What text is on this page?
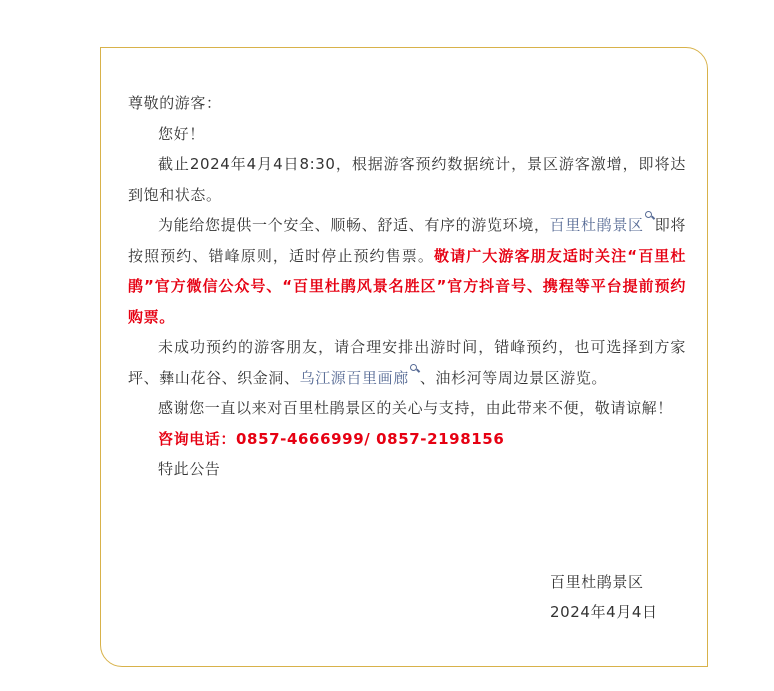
尊敬的游客：

您好！

截止2024年4月4日8:30，根据游客预约数据统计，景区游客激增，即将达到饱和状态。

为能给您提供一个安全、顺畅、舒适、有序的游览环境，百里杜鹃景区 即将按照预约、错峰原则，适时停止预约售票。敬请广大游客朋友适时关注“百里杜鹃”官方微信公众号、“百里杜鹃风景名胜区”官方抖音号、携程等平台提前预约购票。

未成功预约的游客朋友，请合理安排出游时间，错峰预约，也可选择到方家坪、彝山花谷、织金洞、乌江源百里画廊 、油杉河等周边景区游览。

感谢您一直以来对百里杜鹃景区的关心与支持，由此带来不便，敬请谅解！

咨询电话：0857-4666999/ 0857-2198156

特此公告

百里杜鹃景区
2024年4月4日
